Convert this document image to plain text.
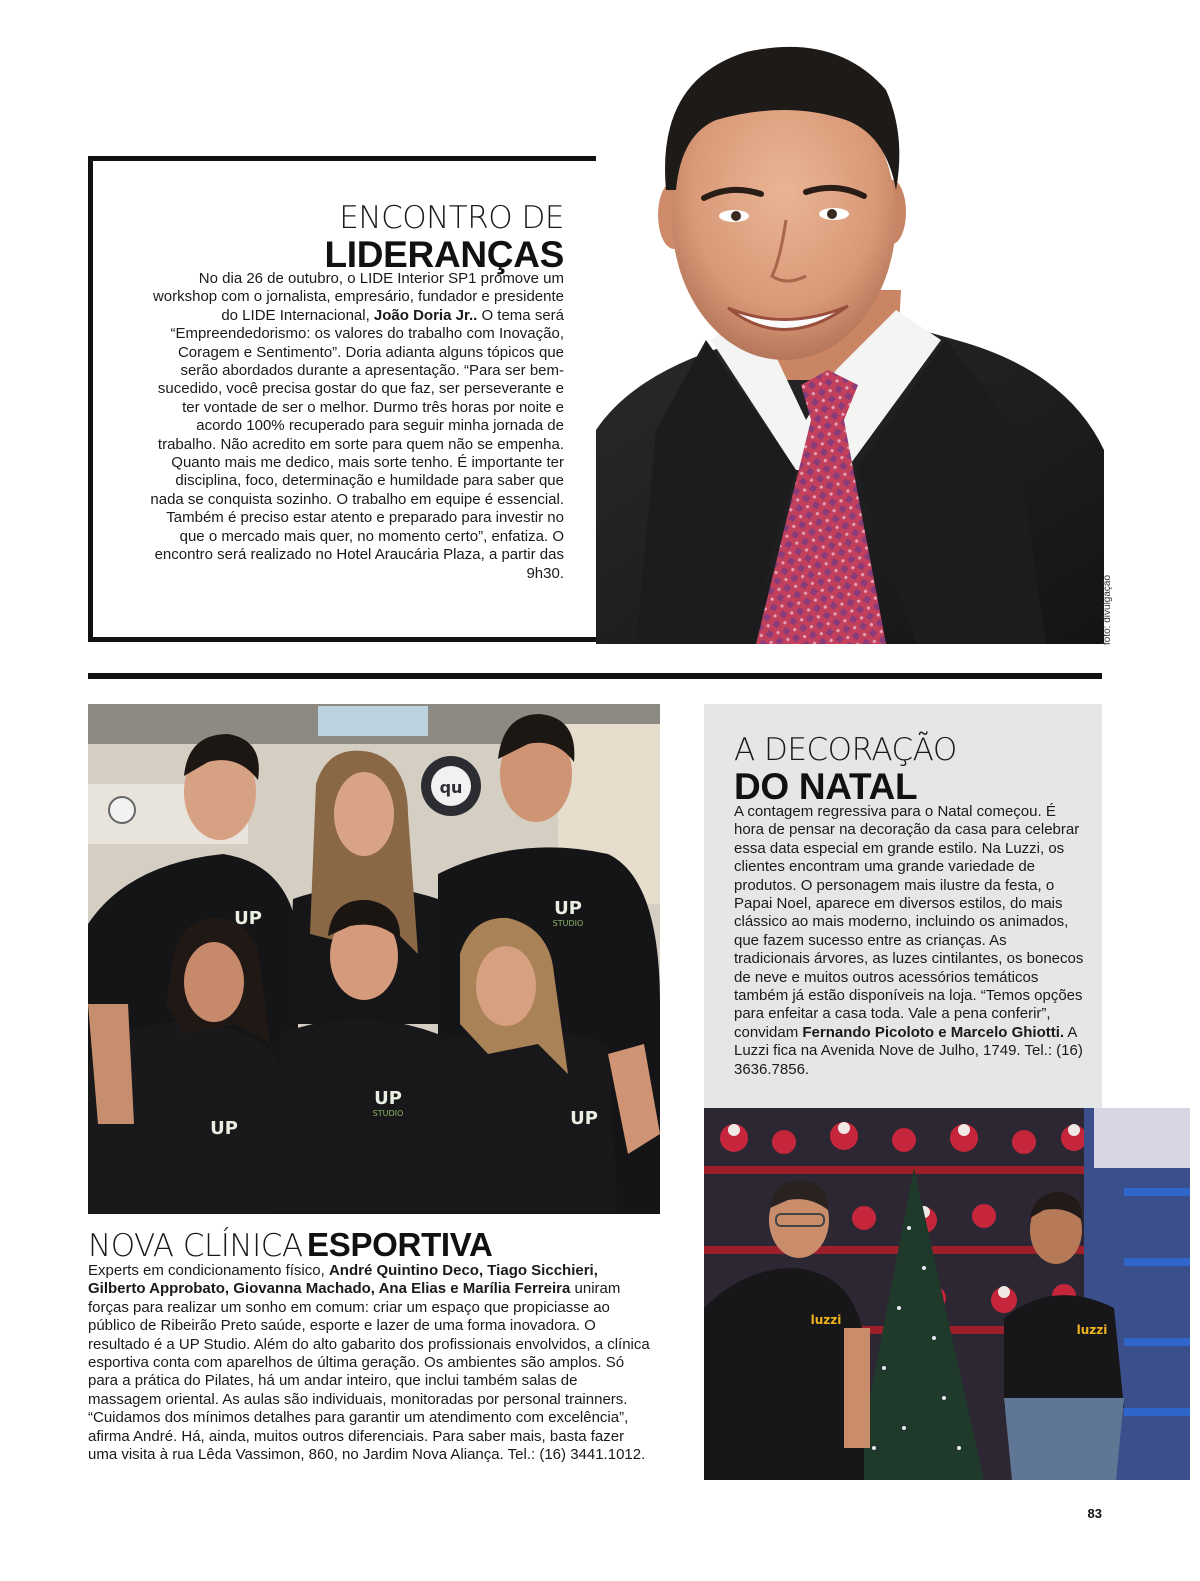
ENCONTRO DE
LIDERANÇAS
No dia 26 de outubro, o LIDE Interior SP1 promove um workshop com o jornalista, empresário, fundador e presidente do LIDE Internacional, João Doria Jr.. O tema será “Empreendedorismo: os valores do trabalho com Inovação, Coragem e Sentimento”. Doria adianta alguns tópicos que serão abordados durante a apresentação. “Para ser bem-sucedido, você precisa gostar do que faz, ser perseverante e ter vontade de ser o melhor. Durmo três horas por noite e acordo 100% recuperado para seguir minha jornada de trabalho. Não acredito em sorte para quem não se empenha. Quanto mais me dedico, mais sorte tenho. É importante ter disciplina, foco, determinação e humildade para saber que nada se conquista sozinho. O trabalho em equipe é essencial. Também é preciso estar atento e preparado para investir no que o mercado mais quer, no momento certo”, enfatiza. O encontro será realizado no Hotel Araucária Plaza, a partir das 9h30.
foto: divulgação
qu
UP	UP
STUDIO
UP
STUDIO
UP	UP
NOVA CLÍNICA ESPORTIVA
Experts em condicionamento físico, André Quintino Deco, Tiago Sicchieri, Gilberto Approbato, Giovanna Machado, Ana Elias e Marília Ferreira uniram forças para realizar um sonho em comum: criar um espaço que propiciasse ao público de Ribeirão Preto saúde, esporte e lazer de uma forma inovadora. O resultado é a UP Studio. Além do alto gabarito dos profissionais envolvidos, a clínica esportiva conta com aparelhos de última geração. Os ambientes são amplos. Só para a prática do Pilates, há um andar inteiro, que inclui também salas de massagem oriental. As aulas são individuais, monitoradas por personal trainners. “Cuidamos dos mínimos detalhes para garantir um atendimento com excelência”, afirma André. Há, ainda, muitos outros diferenciais. Para saber mais, basta fazer uma visita à rua Lêda Vassimon, 860, no Jardim Nova Aliança. Tel.: (16) 3441.1012.
A DECORAÇÃO
DO NATAL
A contagem regressiva para o Natal começou. É hora de pensar na decoração da casa para celebrar essa data especial em grande estilo. Na Luzzi, os clientes encontram uma grande variedade de produtos. O personagem mais ilustre da festa, o Papai Noel, aparece em diversos estilos, do mais clássico ao mais moderno, incluindo os animados, que fazem sucesso entre as crianças. As tradicionais árvores, as luzes cintilantes, os bonecos de neve e muitos outros acessórios temáticos também já estão disponíveis na loja. “Temos opções para enfeitar a casa toda. Vale a pena conferir”, convidam Fernando Picoloto e Marcelo Ghiotti. A Luzzi fica na Avenida Nove de Julho, 1749. Tel.: (16) 3636.7856.
luzzi
luzzi
83
